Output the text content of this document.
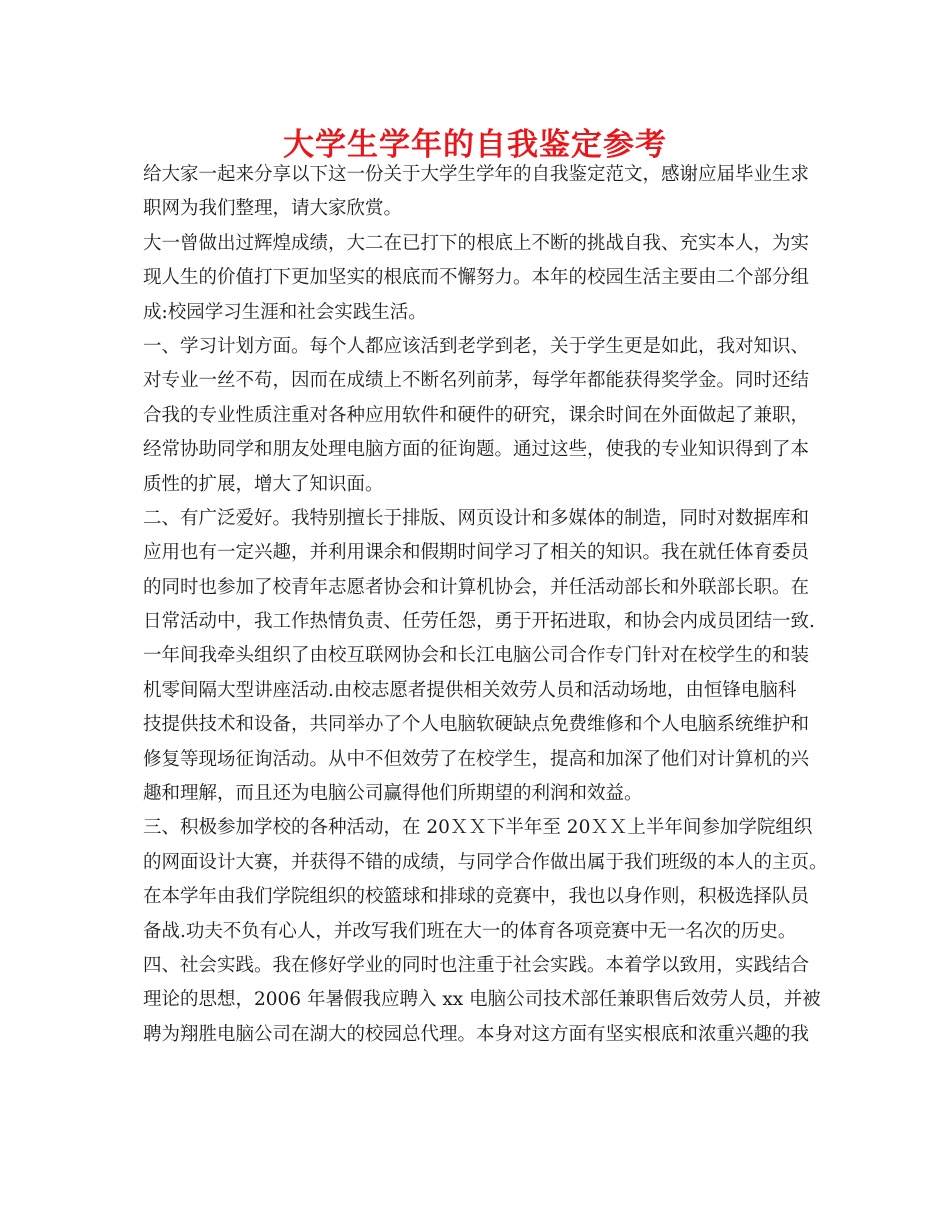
大学生学年的自我鉴定参考
给大家一起来分享以下这一份关于大学生学年的自我鉴定范文，感谢应届毕业生求
职网为我们整理，请大家欣赏。
大一曾做出过辉煌成绩，大二在已打下的根底上不断的挑战自我、充实本人，为实
现人生的价值打下更加坚实的根底而不懈努力。本年的校园生活主要由二个部分组
成:校园学习生涯和社会实践生活。
一、学习计划方面。每个人都应该活到老学到老，关于学生更是如此，我对知识、
对专业一丝不苟，因而在成绩上不断名列前茅，每学年都能获得奖学金。同时还结
合我的专业性质注重对各种应用软件和硬件的研究，课余时间在外面做起了兼职，
经常协助同学和朋友处理电脑方面的征询题。通过这些，使我的专业知识得到了本
质性的扩展，增大了知识面。
二、有广泛爱好。我特别擅长于排版、网页设计和多媒体的制造，同时对数据库和
应用也有一定兴趣，并利用课余和假期时间学习了相关的知识。我在就任体育委员
的同时也参加了校青年志愿者协会和计算机协会，并任活动部长和外联部长职。在
日常活动中，我工作热情负责、任劳任怨，勇于开拓进取，和协会内成员团结一致.
一年间我牵头组织了由校互联网协会和长江电脑公司合作专门针对在校学生的和装
机零间隔大型讲座活动.由校志愿者提供相关效劳人员和活动场地，由恒锋电脑科
技提供技术和设备，共同举办了个人电脑软硬缺点免费维修和个人电脑系统维护和
修复等现场征询活动。从中不但效劳了在校学生，提高和加深了他们对计算机的兴
趣和理解，而且还为电脑公司赢得他们所期望的利润和效益。
三、积极参加学校的各种活动，在 20ＸＸ下半年至 20ＸＸ上半年间参加学院组织
的网面设计大赛，并获得不错的成绩，与同学合作做出属于我们班级的本人的主页。
在本学年由我们学院组织的校篮球和排球的竞赛中，我也以身作则，积极选择队员
备战.功夫不负有心人，并改写我们班在大一的体育各项竞赛中无一名次的历史。
四、社会实践。我在修好学业的同时也注重于社会实践。本着学以致用，实践结合
理论的思想，2006 年暑假我应聘入 xx 电脑公司技术部任兼职售后效劳人员，并被
聘为翔胜电脑公司在湖大的校园总代理。本身对这方面有坚实根底和浓重兴趣的我
